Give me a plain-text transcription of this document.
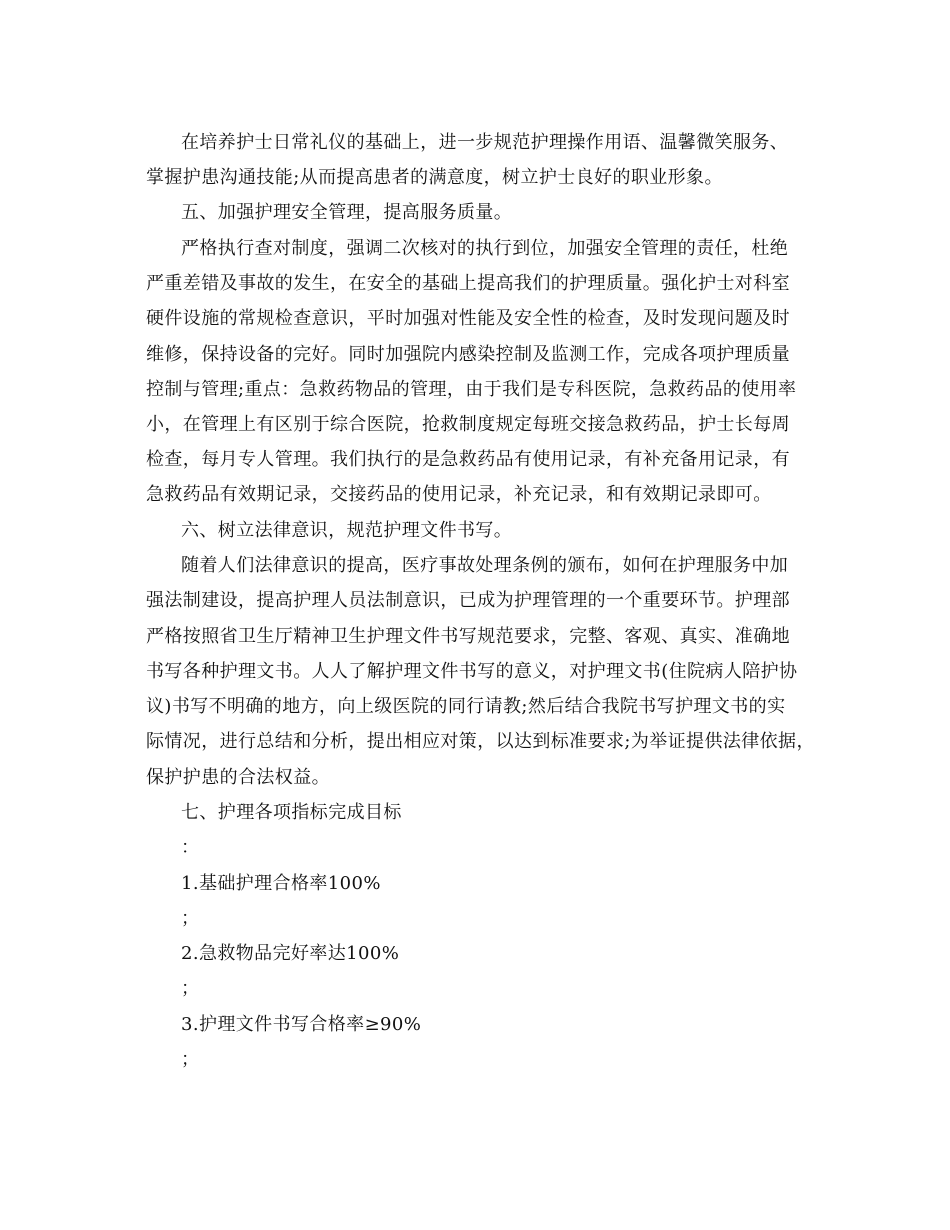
在培养护士日常礼仪的基础上，进一步规范护理操作用语、温馨微笑服务、
掌握护患沟通技能;从而提高患者的满意度，树立护士良好的职业形象。
五、加强护理安全管理，提高服务质量。
严格执行查对制度，强调二次核对的执行到位，加强安全管理的责任，杜绝
严重差错及事故的发生，在安全的基础上提高我们的护理质量。强化护士对科室
硬件设施的常规检查意识，平时加强对性能及安全性的检查，及时发现问题及时
维修，保持设备的完好。同时加强院内感染控制及监测工作，完成各项护理质量
控制与管理;重点：急救药物品的管理，由于我们是专科医院，急救药品的使用率
小，在管理上有区别于综合医院，抢救制度规定每班交接急救药品，护士长每周
检查，每月专人管理。我们执行的是急救药品有使用记录，有补充备用记录，有
急救药品有效期记录，交接药品的使用记录，补充记录，和有效期记录即可。
六、树立法律意识，规范护理文件书写。
随着人们法律意识的提高，医疗事故处理条例的颁布，如何在护理服务中加
强法制建设，提高护理人员法制意识，已成为护理管理的一个重要环节。护理部
严格按照省卫生厅精神卫生护理文件书写规范要求，完整、客观、真实、准确地
书写各种护理文书。人人了解护理文件书写的意义，对护理文书(住院病人陪护协
议)书写不明确的地方，向上级医院的同行请教;然后结合我院书写护理文书的实
际情况，进行总结和分析，提出相应对策，以达到标准要求;为举证提供法律依据，
保护护患的合法权益。
七、护理各项指标完成目标
：
1.基础护理合格率100%
；
2.急救物品完好率达100%
；
3.护理文件书写合格率≥90%
；
